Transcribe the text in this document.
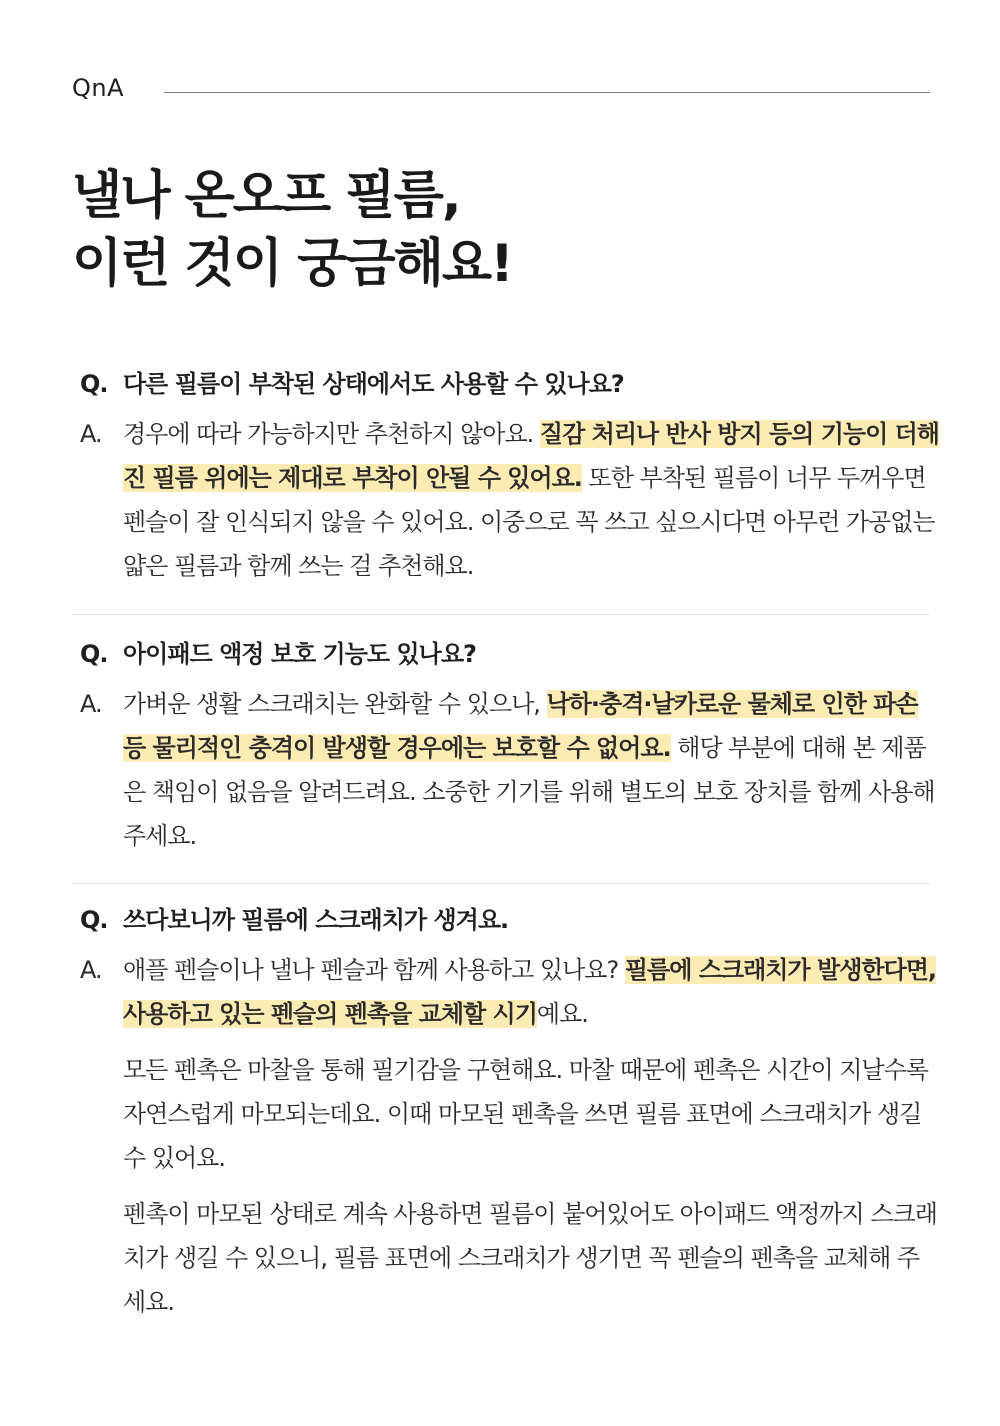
QnA
낼나 온오프 필름,
이런 것이 궁금해요!
Q. 다른 필름이 부착된 상태에서도 사용할 수 있나요?
A. 경우에 따라 가능하지만 추천하지 않아요. 질감 처리나 반사 방지 등의 기능이 더해진 필름 위에는 제대로 부착이 안될 수 있어요. 또한 부착된 필름이 너무 두꺼우면 펜슬이 잘 인식되지 않을 수 있어요. 이중으로 꼭 쓰고 싶으시다면 아무런 가공없는 얇은 필름과 함께 쓰는 걸 추천해요.
Q. 아이패드 액정 보호 기능도 있나요?
A. 가벼운 생활 스크래치는 완화할 수 있으나, 낙하·충격·날카로운 물체로 인한 파손 등 물리적인 충격이 발생할 경우에는 보호할 수 없어요. 해당 부분에 대해 본 제품은 책임이 없음을 알려드려요. 소중한 기기를 위해 별도의 보호 장치를 함께 사용해 주세요.
Q. 쓰다보니까 필름에 스크래치가 생겨요.
A. 애플 펜슬이나 낼나 펜슬과 함께 사용하고 있나요? 필름에 스크래치가 발생한다면, 사용하고 있는 펜슬의 펜촉을 교체할 시기예요.
모든 펜촉은 마찰을 통해 필기감을 구현해요. 마찰 때문에 펜촉은 시간이 지날수록 자연스럽게 마모되는데요. 이때 마모된 펜촉을 쓰면 필름 표면에 스크래치가 생길 수 있어요.
펜촉이 마모된 상태로 계속 사용하면 필름이 붙어있어도 아이패드 액정까지 스크래치가 생길 수 있으니, 필름 표면에 스크래치가 생기면 꼭 펜슬의 펜촉을 교체해 주세요.
